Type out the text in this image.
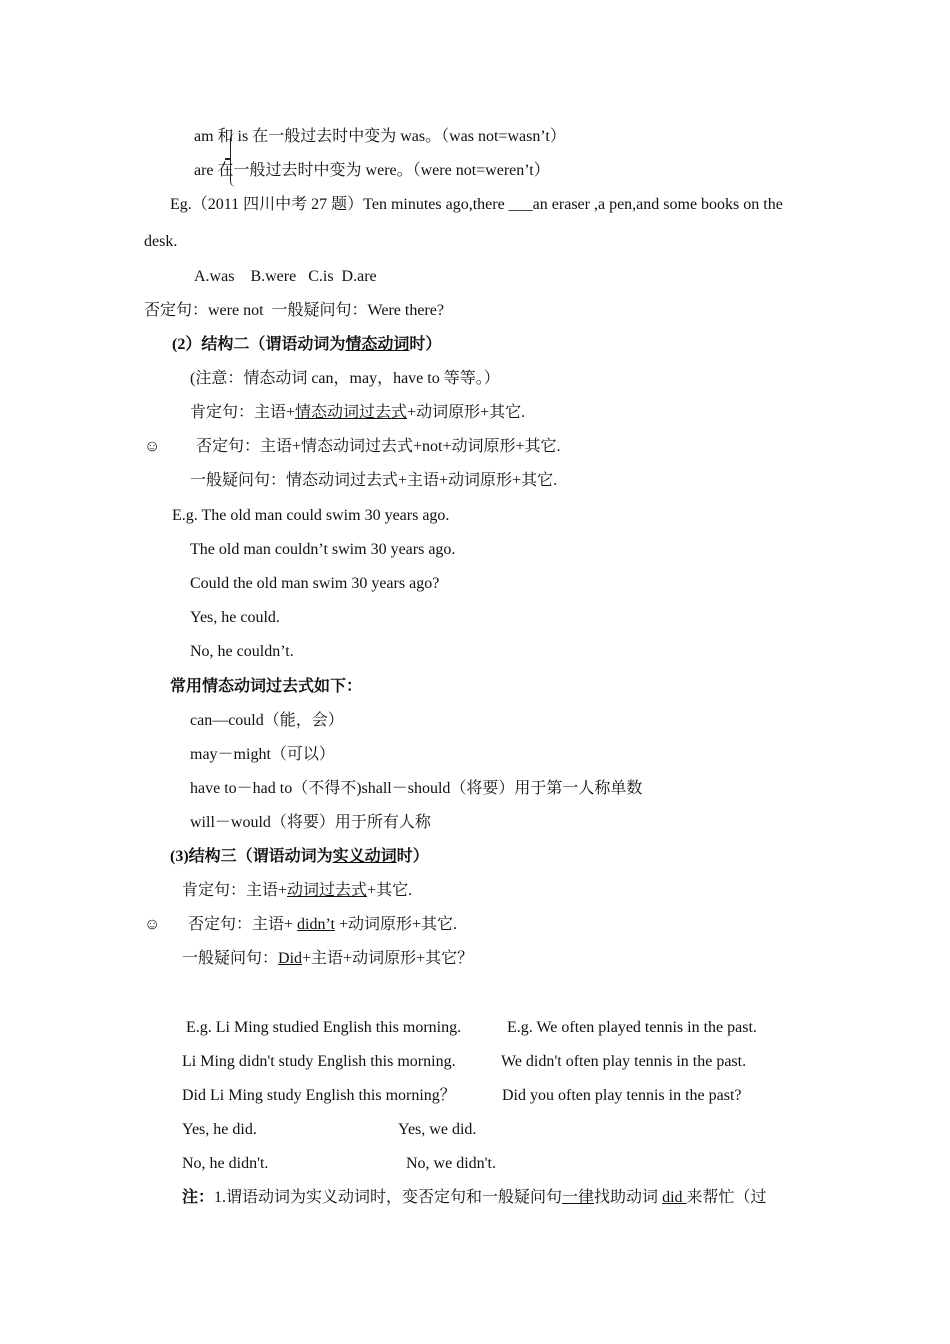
am 和 is 在一般过去时中变为 was。（was not=wasn’t）
are 在一般过去时中变为 were。（were not=weren’t）
Eg.（2011 四川中考 27 题）Ten minutes ago,there ___an eraser ,a pen,and some books on the
desk.
A.was    B.were   C.is  D.are
否定句：were not  一般疑问句：Were there?
(2）结构二（谓语动词为情态动词时）
(注意：情态动词 can，may，have to 等等。）
肯定句：主语+情态动词过去式+动词原形+其它.
☺ 否定句：主语+情态动词过去式+not+动词原形+其它.
一般疑问句：情态动词过去式+主语+动词原形+其它.
E.g. The old man could swim 30 years ago.
The old man couldn’t swim 30 years ago.
Could the old man swim 30 years ago?
Yes, he could.
No, he couldn’t.
常用情态动词过去式如下：
can—could（能，会）
may－might（可以）
have to－had to（不得不)shall－should（将要）用于第一人称单数
will－would（将要）用于所有人称
(3)结构三（谓语动词为实义动词时）
肯定句：主语+动词过去式+其它.
☺ 否定句：主语+ didn’t +动词原形+其它.
一般疑问句：Did+主语+动词原形+其它？
E.g. Li Ming studied English this morning.	E.g. We often played tennis in the past.
Li Ming didn't study English this morning.	We didn't often play tennis in the past.
Did Li Ming study English this morning？	Did you often play tennis in the past?
Yes, he did.	Yes, we did.
No, he didn't.	No, we didn't.
注：1.谓语动词为实义动词时，变否定句和一般疑问句一律找助动词 did 来帮忙（过
